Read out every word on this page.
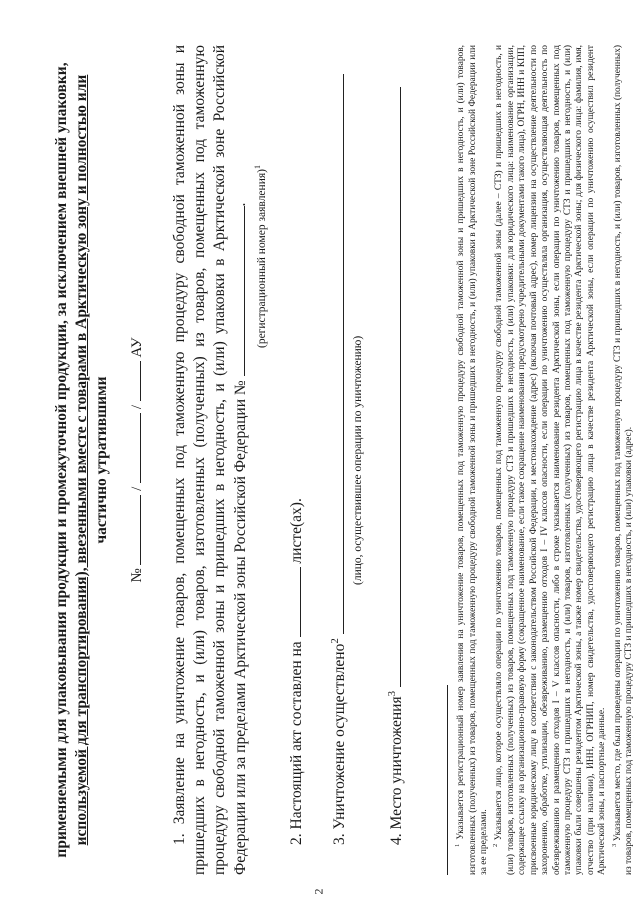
2
применяемыми для упаковывания продукции и промежуточной продукции, за исключением внешней упаковки, используемой для транспортирования), ввезенными вместе с товарами в Арктическую зону и полностью или частично утратившими
№  /  /  АУ 1. Заявление на уничтожение товаров, помещенных под таможенную процедуру свободной таможенной зоны и пришедших в негодность, и (или) товаров, изготовленных (полученных) из товаров, помещенных под таможенную процедуру свободной таможенной зоны и пришедших в негодность, и (или) упаковки в Арктической зоне Российской Федерации или за пределами Арктической зоны Российской Федерации № . (регистрационный номер заявления)$^1$
2. Настоящий акт составлен на  листе(ах).
3. Уничтожение осуществлено$^2$
(лицо, осуществившее операции по уничтожению)
4. Место уничтожения$^3$

$^1$ Указывается регистрационный номер заявления на уничтожение товаров, помещенных под таможенную процедуру свободной таможенной зоны и пришедших в негодность, и (или) товаров, изготовленных (полученных) из товаров, помещенных под таможенную процедуру свободной таможенной зоны и пришедших в негодность, и (или) упаковки в Арктической зоне Российской Федерации или за ее пределами. $^2$ Указывается лицо, которое осуществляло операции по уничтожению товаров, помещенных под таможенную процедуру свободной таможенной зоны (далее – СТЗ) и пришедших в негодность, и (или) товаров, изготовленных (полученных) из товаров, помещенных под таможенную процедуру СТЗ и пришедших в негодность, и (или) упаковки: для юридического лица: наименование организации, содержащее ссылку на организационно-правовую форму (сокращенное наименование, если такое сокращение наименования предусмотрено учредительными документами такого лица), ОГРН, ИНН и КПП, присвоенные юридическому лицу в соответствии с законодательством Российской Федерации, и местонахождение (адрес) (включая почтовый адрес), номер лицензии на осуществление деятельности по захоронению, обработке, утилизации, обезвреживанию, размещению отходов I – IV классов опасности, если операции по уничтожению осуществляла организация, осуществляющая деятельность по обезвреживанию и размещению отходов I – V классов опасности, либо в строке указывается наименование резидента Арктической зоны, если операции по уничтожению товаров, помещенных под таможенную процедуру СТЗ и пришедших в негодность, и (или) товаров, изготовленных (полученных) из товаров, помещенных под таможенную процедуру СТЗ и пришедших в негодность, и (или) упаковки были совершены резидентом Арктической зоны, а также номер свидетельства, удостоверяющего регистрацию лица в качестве резидента Арктической зоны; для физического лица: фамилия, имя, отчество (при наличии), ИНН, ОГРНИП, номер свидетельства, удостоверяющего регистрацию лица в качестве резидента Арктической зоны, если операции по уничтожению осуществил резидент Арктической зоны, и паспортные данные. $^3$ Указывается место, где были проведены операции по уничтожению товаров, помещенных под таможенную процедуру СТЗ и пришедших в негодность, и (или) товаров, изготовленных (полученных) из товаров, помещенных под таможенную процедуру СТЗ и пришедших в негодность, и (или) упаковки (адрес).
